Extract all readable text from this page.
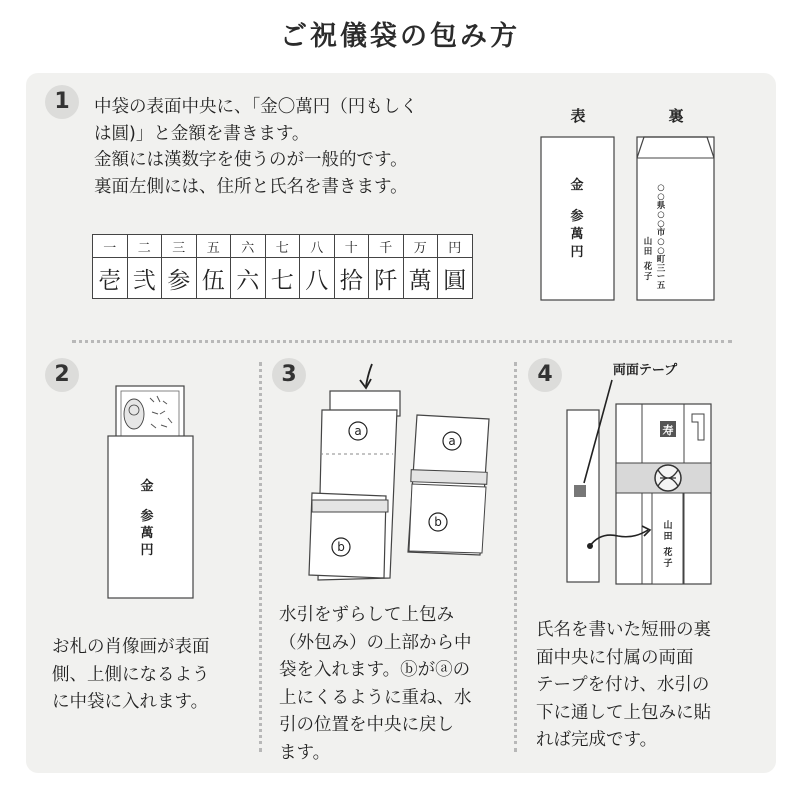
ご祝儀袋の包み方
1	中袋の表面中央に、「金〇萬円（円もしく
は圓)」と金額を書きます。
金額には漢数字を使うのが一般的です。
裏面左側には、住所と氏名を書きます。
一	二	三	五	六	七	八	十	千	万	円
壱	弐	参	伍	六	七	八	拾	阡	萬	圓
表	裏
金
参萬円
○ ○県○ ○市○ ○町三ー五
山田花子
2
金
参萬円
お札の肖像画が表面
側、上側になるよう
に中袋に入れます。
3
a
b
a
b
水引をずらして上包み
（外包み）の上部から中
袋を入れます。ⓑがⓐの
上にくるように重ね、水
引の位置を中央に戻し
ます。
4	両面テープ
寿
山田花子
氏名を書いた短冊の裏
面中央に付属の両面
テープを付け、水引の
下に通して上包みに貼
れば完成です。
